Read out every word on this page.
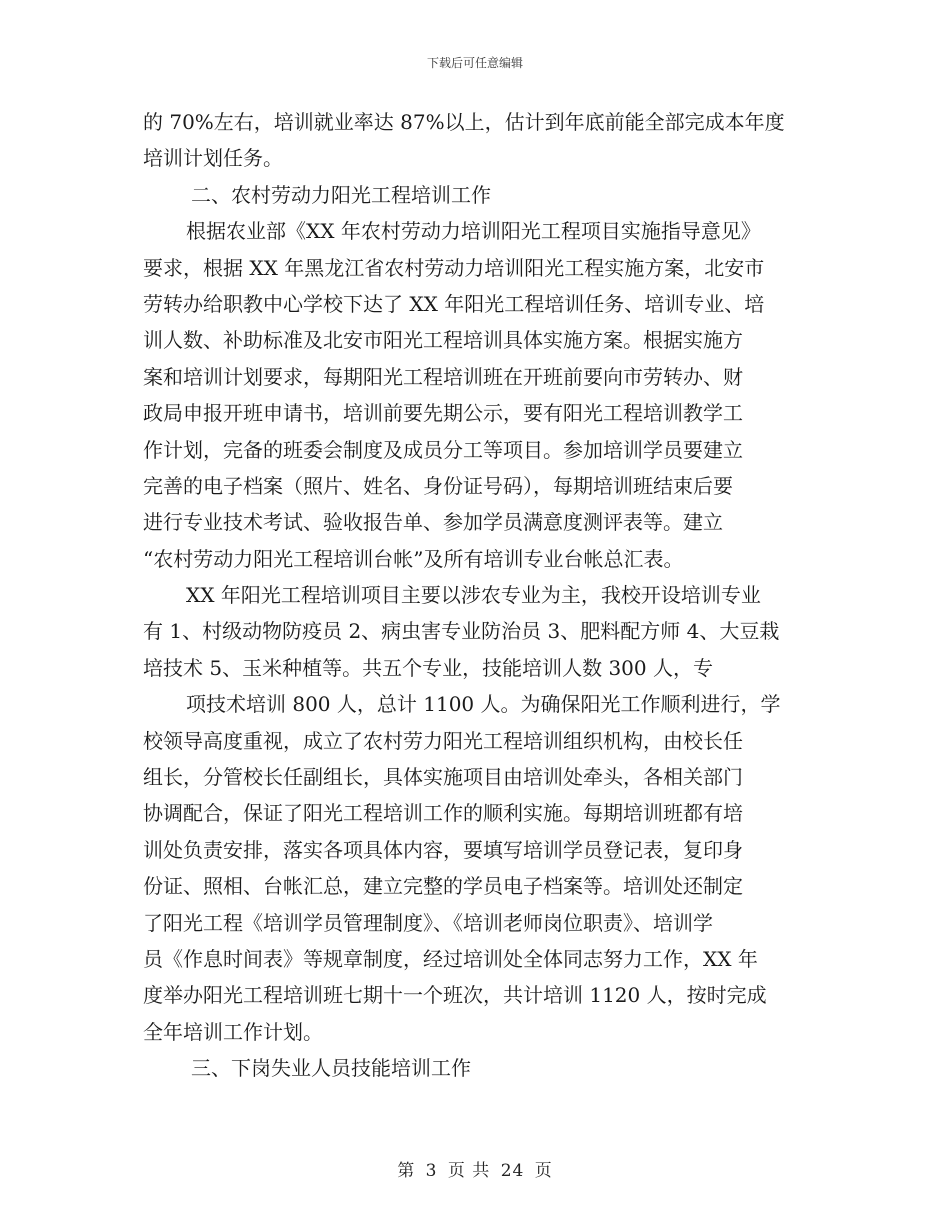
下载后可任意编辑
的 70%左右，培训就业率达 87%以上，估计到年底前能全部完成本年度
培训计划任务。
二、农村劳动力阳光工程培训工作
根据农业部《XX 年农村劳动力培训阳光工程项目实施指导意见》
要求，根据 XX 年黑龙江省农村劳动力培训阳光工程实施方案，北安市
劳转办给职教中心学校下达了 XX 年阳光工程培训任务、培训专业、培
训人数、补助标准及北安市阳光工程培训具体实施方案。根据实施方
案和培训计划要求，每期阳光工程培训班在开班前要向市劳转办、财
政局申报开班申请书，培训前要先期公示，要有阳光工程培训教学工
作计划，完备的班委会制度及成员分工等项目。参加培训学员要建立
完善的电子档案（照片、姓名、身份证号码），每期培训班结束后要
进行专业技术考试、验收报告单、参加学员满意度测评表等。建立
“农村劳动力阳光工程培训台帐”及所有培训专业台帐总汇表。
XX 年阳光工程培训项目主要以涉农专业为主，我校开设培训专业
有 1、村级动物防疫员 2、病虫害专业防治员 3、肥料配方师 4、大豆栽
培技术 5、玉米种植等。共五个专业，技能培训人数 300 人，专
项技术培训 800 人，总计 1100 人。为确保阳光工作顺利进行，学
校领导高度重视，成立了农村劳力阳光工程培训组织机构，由校长任
组长，分管校长任副组长，具体实施项目由培训处牵头，各相关部门
协调配合，保证了阳光工程培训工作的顺利实施。每期培训班都有培
训处负责安排，落实各项具体内容，要填写培训学员登记表，复印身
份证、照相、台帐汇总，建立完整的学员电子档案等。培训处还制定
了阳光工程《培训学员管理制度》、《培训老师岗位职责》、培训学
员《作息时间表》等规章制度，经过培训处全体同志努力工作，XX 年
度举办阳光工程培训班七期十一个班次，共计培训 1120 人，按时完成
全年培训工作计划。
三、下岗失业人员技能培训工作
第 3 页 共 24 页
